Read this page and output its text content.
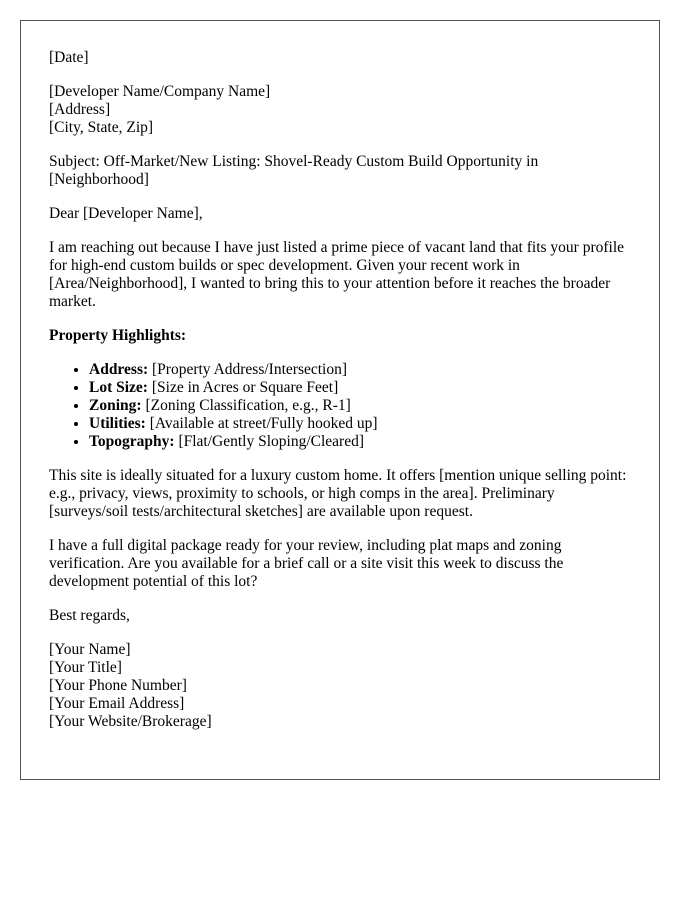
[Date]

[Developer Name/Company Name]
[Address]
[City, State, Zip]

Subject: Off-Market/New Listing: Shovel-Ready Custom Build Opportunity in [Neighborhood]

Dear [Developer Name],

I am reaching out because I have just listed a prime piece of vacant land that fits your profile for high-end custom builds or spec development. Given your recent work in [Area/Neighborhood], I wanted to bring this to your attention before it reaches the broader market.

Property Highlights:

• Address: [Property Address/Intersection]
• Lot Size: [Size in Acres or Square Feet]
• Zoning: [Zoning Classification, e.g., R-1]
• Utilities: [Available at street/Fully hooked up]
• Topography: [Flat/Gently Sloping/Cleared]

This site is ideally situated for a luxury custom home. It offers [mention unique selling point: e.g., privacy, views, proximity to schools, or high comps in the area]. Preliminary [surveys/soil tests/architectural sketches] are available upon request.

I have a full digital package ready for your review, including plat maps and zoning verification. Are you available for a brief call or a site visit this week to discuss the development potential of this lot?

Best regards,

[Your Name]
[Your Title]
[Your Phone Number]
[Your Email Address]
[Your Website/Brokerage]
